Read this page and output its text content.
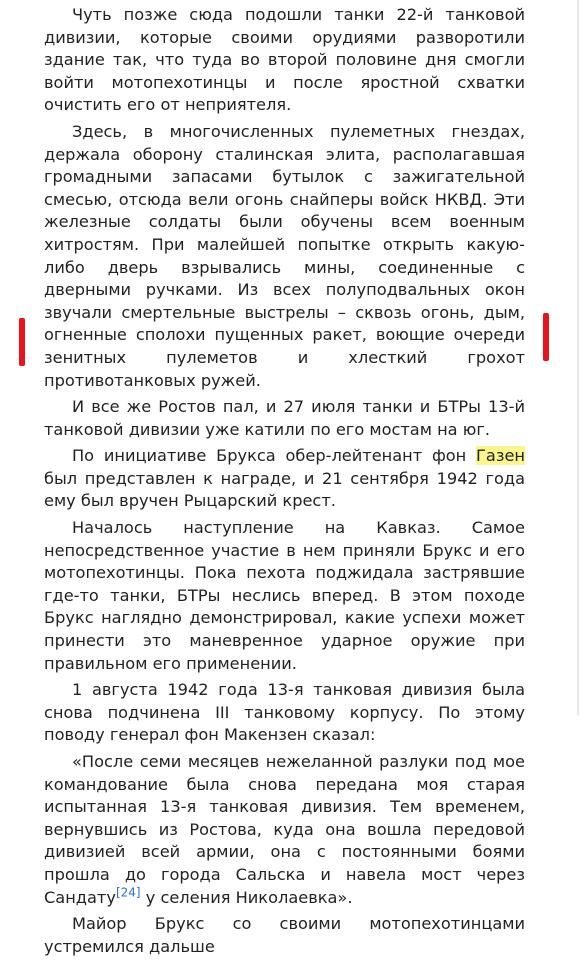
Чуть позже сюда подошли танки 22-й танковой дивизии, которые своими орудиями разворотили здание так, что туда во второй половине дня смогли войти мотопехотинцы и после яростной схватки очистить его от неприятеля.

Здесь, в многочисленных пулеметных гнездах, держала оборону сталинская элита, располагавшая громадными запасами бутылок с зажигательной смесью, отсюда вели огонь снайперы войск НКВД. Эти железные солдаты были обучены всем военным хитростям. При малейшей попытке открыть какую-либо дверь взрывались мины, соединенные с дверными ручками. Из всех полуподвальных окон звучали смертельные выстрелы – сквозь огонь, дым, огненные сполохи пущенных ракет, воющие очереди зенитных пулеметов и хлесткий грохот противотанковых ружей.

И все же Ростов пал, и 27 июля танки и БТРы 13-й танковой дивизии уже катили по его мостам на юг.

По инициативе Брукса обер-лейтенант фон Газен был представлен к награде, и 21 сентября 1942 года ему был вручен Рыцарский крест.

Началось наступление на Кавказ. Самое непосредственное участие в нем приняли Брукс и его мотопехотинцы. Пока пехота поджидала застрявшие где-то танки, БТРы неслись вперед. В этом походе Брукс наглядно демонстрировал, какие успехи может принести это маневренное ударное оружие при правильном его применении.

1 августа 1942 года 13-я танковая дивизия была снова подчинена III танковому корпусу. По этому поводу генерал фон Макензен сказал:

«После семи месяцев нежеланной разлуки под мое командование была снова передана моя старая испытанная 13-я танковая дивизия. Тем временем, вернувшись из Ростова, куда она вошла передовой дивизией всей армии, она с постоянными боями прошла до города Сальска и навела мост через Сандату[24] у селения Николаевка».

Майор Брукс со своими мотопехотинцами устремился дальше
